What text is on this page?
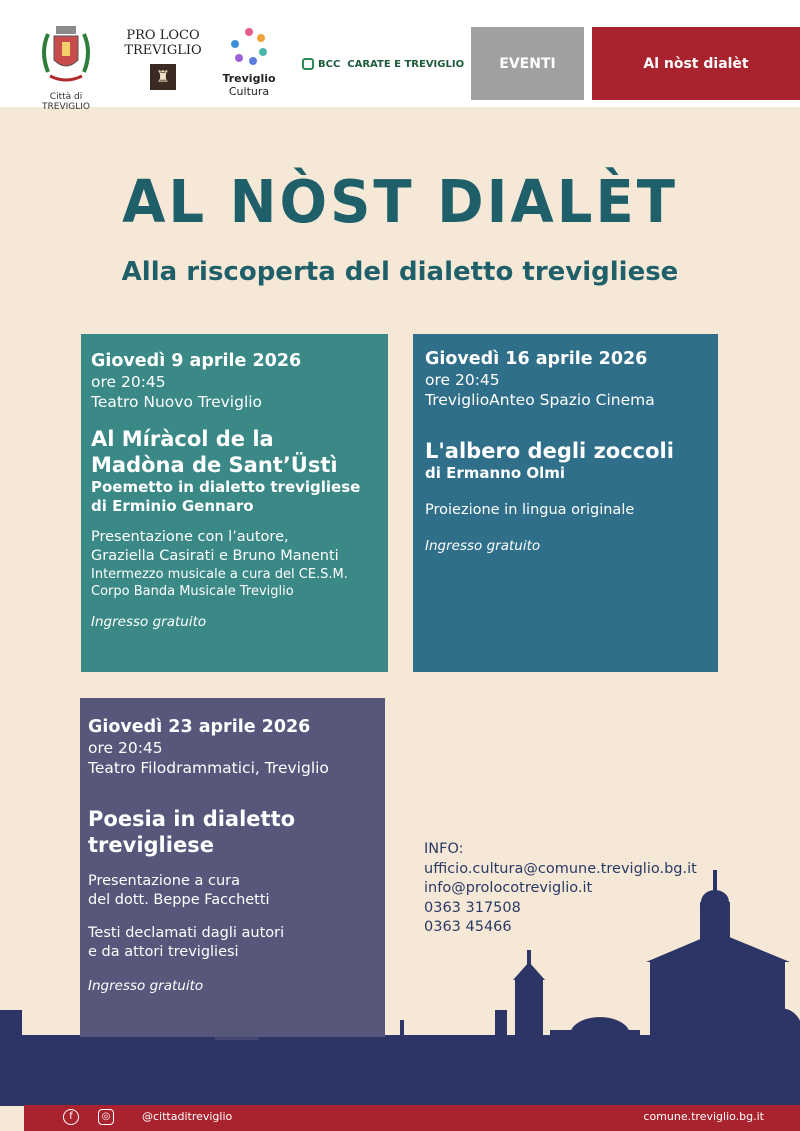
Città di TREVIGLIO
PRO LOCO
TREVIGLIO
♜	Treviglio
Cultura
BCC CARATE E TREVIGLIO	EVENTI	Al nòst dialèt
AL NÒST DIALÈT
Alla riscoperta del dialetto trevigliese
Giovedì 9 aprile 2026
ore 20:45
Teatro Nuovo Treviglio
Al Míràcol de la
Madòna de Sant’Üstì
Poemetto in dialetto trevigliese
di Erminio Gennaro
Presentazione con l’autore,
Graziella Casirati e Bruno Manenti
Intermezzo musicale a cura del CE.S.M.
Corpo Banda Musicale Treviglio
Ingresso gratuito
Giovedì 16 aprile 2026
ore 20:45
TreviglioAnteo Spazio Cinema
L'albero degli zoccoli
di Ermanno Olmi
Proiezione in lingua originale
Ingresso gratuito
Giovedì 23 aprile 2026
ore 20:45
Teatro Filodrammatici, Treviglio
Poesia in dialetto
trevigliese
Presentazione a cura
del dott. Beppe Facchetti
Testi declamati dagli autori
e da attori trevigliesi
Ingresso gratuito
INFO:
ufficio.cultura@comune.treviglio.bg.it
info@prolocotreviglio.it
0363 317508
0363 45466
f	◎	@cittaditreviglio	comune.treviglio.bg.it
